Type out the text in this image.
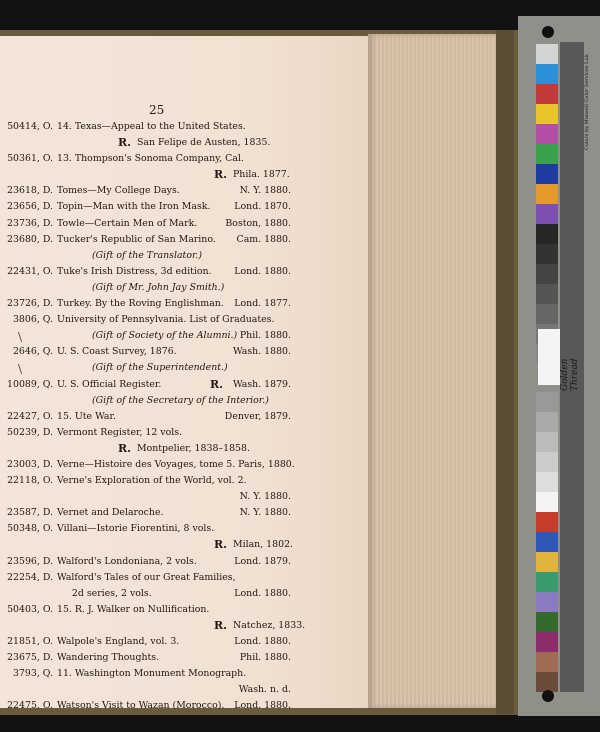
25
50414, O. 14. Texas—Appeal to the United States.
R. San Felipe de Austen, 1835.
50361, O. 13. Thompson's Sonoma Company, Cal.
R. Phila. 1877.
23618, D. Tomes—My College Days.	N. Y. 1880.
23656, D. Topin—Man with the Iron Mask.	Lond. 1870.
23736, D. Towle—Certain Men of Mark.	Boston, 1880.
23680, D. Tucker's Republic of San Marino. Cam. 1880.
(Gift of the Translator.)
22431, O. Tuke's Irish Distress, 3d edition. Lond. 1880.
(Gift of Mr. John Jay Smith.)
23726, D. Turkey. By the Roving Englishman. Lond. 1877.
3806, Q. University of Pennsylvania. List of Graduates.
(Gift of Society of the Alumni.) Phil. 1880.
2646, Q. U. S. Coast Survey, 1876.	Wash. 1880.
(Gift of the Superintendent.)
10089, Q. U. S. Official Register.	R. Wash. 1879.
(Gift of the Secretary of the Interior.)
22427, O. 15. Ute War.	Denver, 1879.
50239, D. Vermont Register, 12 vols.
R. Montpelier, 1838–1858.
23003, D. Verne—Histoire des Voyages, tome 5. Paris, 1880.
22118, O. Verne's Exploration of the World, vol. 2.
N. Y. 1880.
23587, D. Vernet and Delaroche.	N. Y. 1880.
50348, O. Villani—Istorie Fiorentini, 8 vols.
R. Milan, 1802.
23596, D. Walford's Londoniana, 2 vols.	Lond. 1879.
22254, D. Walford's Tales of our Great Families,
2d series, 2 vols.	Lond. 1880.
50403, O. 15. R. J. Walker on Nullification.
R. Natchez, 1833.
21851, O. Walpole's England, vol. 3.	Lond. 1880.
23675, D. Wandering Thoughts.	Phil. 1880.
3793, Q. 11. Washington Monument Monograph.
Wash. n. d.
22475, O. Watson's Visit to Wazan (Morocco). Lond. 1880.
\
\	Golden Thread
Colors by Munsell Color Services Lab
